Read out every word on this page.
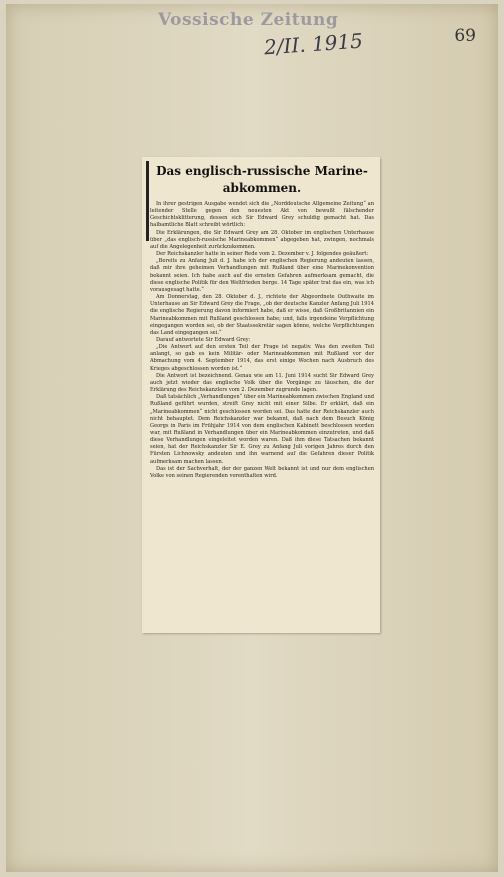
Vossische Zeitung
2/II. 1915	69
Das englisch-russische Marine-
abkommen.

In ihrer gestrigen Ausgabe wendet sich die „Norddeutsche Allgemeine Zeitung“ an leitender Stelle gegen den neuesten Akt von bewußt fälschender Geschichtsklitterung, dessen sich Sir Edward Grey schuldig gemacht hat. Das halbamtliche Blatt schreibt wörtlich:

Die Erklärungen, die Sir Edward Grey am 28. Oktober im englischen Unterhause über „das englisch-russische Marineabkommen“ abgegeben hat, zwingen, nochmals auf die Angelegenheit zurückzukommen.

Der Reichskanzler hatte in seiner Rede vom 2. Dezember v. J. folgendes geäußert:

„Bereits zu Anfang Juli d. J. habe ich der englischen Regierung andeuten lassen, daß mir ihre geheimen Verhandlungen mit Rußland über eine Marinekonvention bekannt seien. Ich habe auch auf die ernsten Gefahren aufmerksam gemacht, die diese englische Politik für den Weltfrieden berge. 14 Tage später trat das ein, was ich vorausgesagt hatte.“

Am Donnerstag, den 28. Oktober d. J., richtete der Abgeordnete Outhwaite im Unterhause an Sir Edward Grey die Frage, „ob der deutsche Kanzler Anfang Juli 1914 die englische Regierung davon informiert habe, daß er wisse, daß Großbritannien ein Marineabkommen mit Rußland geschlossen habe; und, falls irgendeine Verpflichtung eingegangen worden sei, ob der Staatssekretär sagen könne, welche Verpflichtungen das Land eingegangen sei.“

Darauf antwortete Sir Edward Grey:

„Die Antwort auf den ersten Teil der Frage ist negativ. Was den zweiten Teil anlangt, so gab es kein Militär- oder Marineabkommen mit Rußland vor der Abmachung vom 4. September 1914, das erst einige Wochen nach Ausbruch des Krieges abgeschlossen worden ist.“

Die Antwort ist bezeichnend. Genau wie am 11. Juni 1914 sucht Sir Edward Grey auch jetzt wieder das englische Volk über die Vorgänge zu täuschen, die der Erklärung des Reichskanzlers vom 2. Dezember zugrunde lagen.

Daß tatsächlich „Verhandlungen“ über ein Marineabkommen zwischen England und Rußland geführt wurden, streift Grey nicht mit einer Silbe. Er erklärt, daß ein „Marineabkommen“ nicht geschlossen worden sei. Das hatte der Reichskanzler auch nicht behauptet. Dem Reichskanzler war bekannt, daß nach dem Besuch König Georgs in Paris im Frühjahr 1914 von dem englischen Kabinett beschlossen worden war, mit Rußland in Verhandlungen über ein Marineabkommen einzutreten, und daß diese Verhandlungen eingeleitet worden waren. Daß ihm diese Tatsachen bekannt seien, hat der Reichskanzler Sir E. Grey zu Anfang Juli vorigen Jahres durch den Fürsten Lichnowsky andeuten und ihn warnend auf die Gefahren dieser Politik aufmerksam machen lassen.

Das ist der Sachverhalt, der der ganzen Welt bekannt ist und nur dem englischen Volke von seinen Regierenden vorenthalten wird.
